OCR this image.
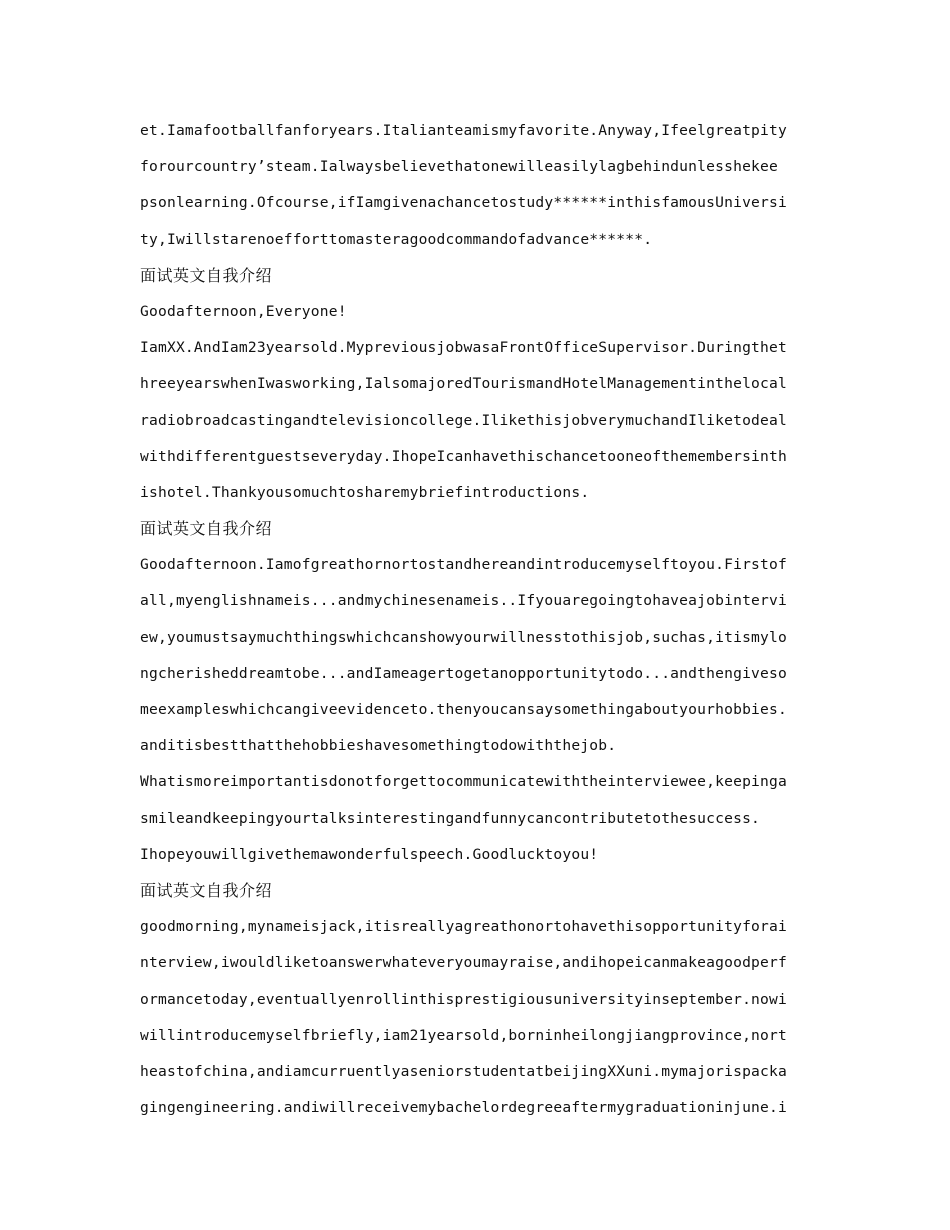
et.Iamafootballfanforyears.Italianteamismyfavorite.Anyway,Ifeelgreatpity
forourcountry’steam.Ialwaysbelievethatonewilleasilylagbehindunlesshekee
psonlearning.Ofcourse,ifIamgivenachancetostudy******inthisfamousUniversi
ty,Iwillstarenoefforttomasteragoodcommandofadvance******.
面试英文自我介绍
Goodafternoon,Everyone!
IamXX.AndIam23yearsold.MypreviousjobwasaFrontOfficeSupervisor.Duringthet
hreeyearswhenIwasworking,IalsomajoredTourismandHotelManagementinthelocal
radiobroadcastingandtelevisioncollege.IlikethisjobverymuchandIliketodeal
withdifferentguestseveryday.IhopeIcanhavethischancetooneofthemembersinth
ishotel.Thankyousomuchtosharemybriefintroductions.
面试英文自我介绍
Goodafternoon.Iamofgreathornortostandhereandintroducemyselftoyou.Firstof
all,myenglishnameis...andmychinesenameis..Ifyouaregoingtohaveajobintervi
ew,youmustsaymuchthingswhichcanshowyourwillnesstothisjob,suchas,itismylo
ngcherisheddreamtobe...andIameagertogetanopportunitytodo...andthengiveso
meexampleswhichcangiveevidenceto.thenyoucansaysomethingaboutyourhobbies.
anditisbestthatthehobbieshavesomethingtodowiththejob.
Whatismoreimportantisdonotforgettocommunicatewiththeinterviewee,keepinga
smileandkeepingyourtalksinterestingandfunnycancontributetothesuccess.
Ihopeyouwillgivethemawonderfulspeech.Goodlucktoyou!
面试英文自我介绍
goodmorning,mynameisjack,itisreallyagreathonortohavethisopportunityforai
nterview,iwouldliketoanswerwhateveryoumayraise,andihopeicanmakeagoodperf
ormancetoday,eventuallyenrollinthisprestigiousuniversityinseptember.nowi
willintroducemyselfbriefly,iam21yearsold,borninheilongjiangprovince,nort
heastofchina,andiamcurruentlyaseniorstudentatbeijingXXuni.mymajorispacka
gingengineering.andiwillreceivemybachelordegreeaftermygraduationinjune.i
